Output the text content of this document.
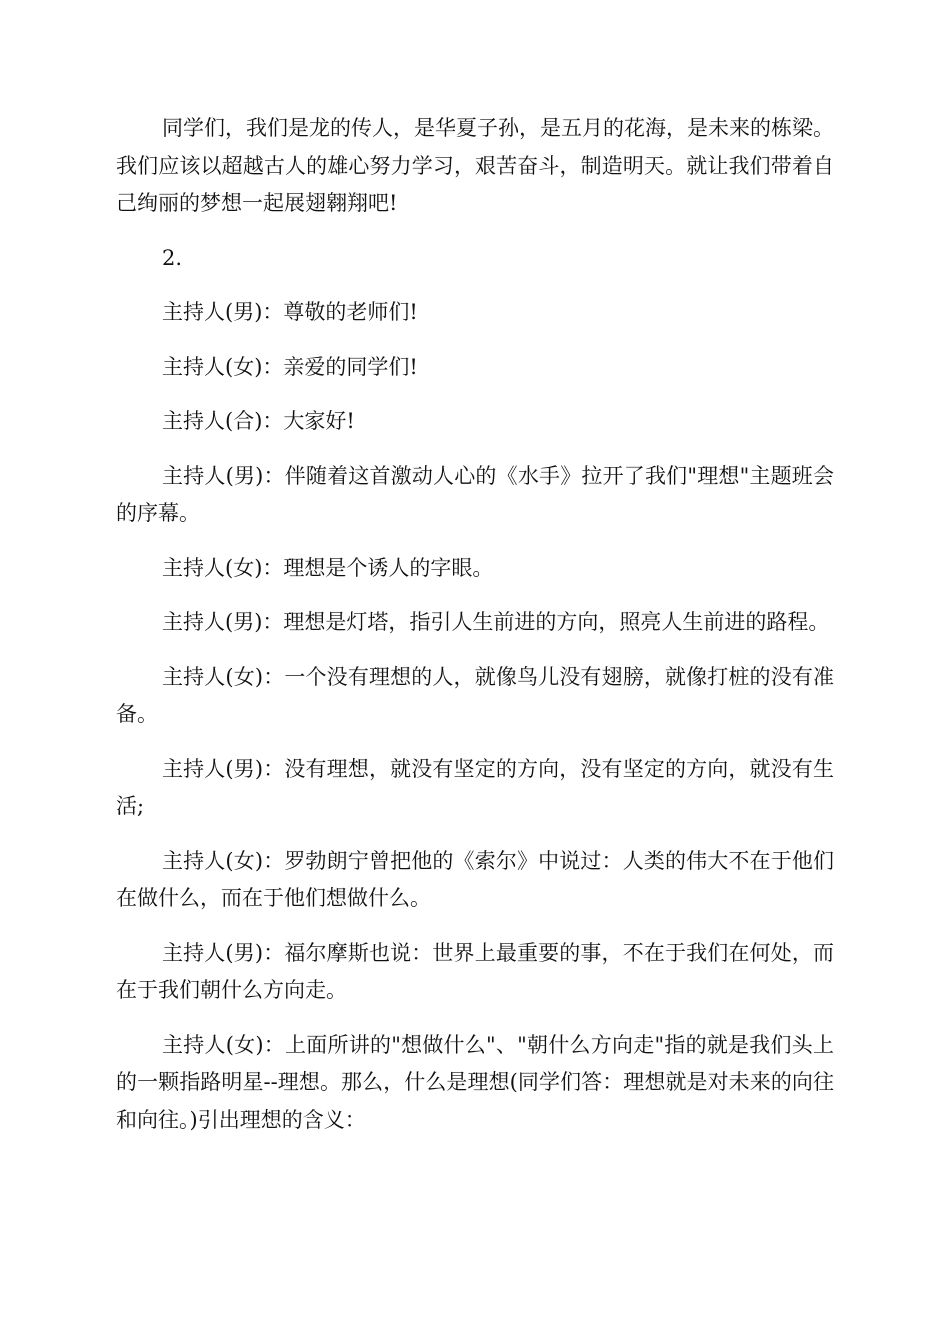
同学们，我们是龙的传人，是华夏子孙，是五月的花海，是未来的栋梁。我们应该以超越古人的雄心努力学习，艰苦奋斗，制造明天。就让我们带着自己绚丽的梦想一起展翅翱翔吧!

2.

主持人(男)：尊敬的老师们!

主持人(女)：亲爱的同学们!

主持人(合)：大家好!

主持人(男)：伴随着这首激动人心的《水手》拉开了我们"理想"主题班会的序幕。

主持人(女)：理想是个诱人的字眼。

主持人(男)：理想是灯塔，指引人生前进的方向，照亮人生前进的路程。

主持人(女)：一个没有理想的人，就像鸟儿没有翅膀，就像打桩的没有准备。

主持人(男)：没有理想，就没有坚定的方向，没有坚定的方向，就没有生活;

主持人(女)：罗勃朗宁曾把他的《索尔》中说过：人类的伟大不在于他们在做什么，而在于他们想做什么。

主持人(男)：福尔摩斯也说：世界上最重要的事，不在于我们在何处，而在于我们朝什么方向走。

主持人(女)：上面所讲的"想做什么"、"朝什么方向走"指的就是我们头上的一颗指路明星--理想。那么，什么是理想(同学们答：理想就是对未来的向往和向往。)引出理想的含义：
